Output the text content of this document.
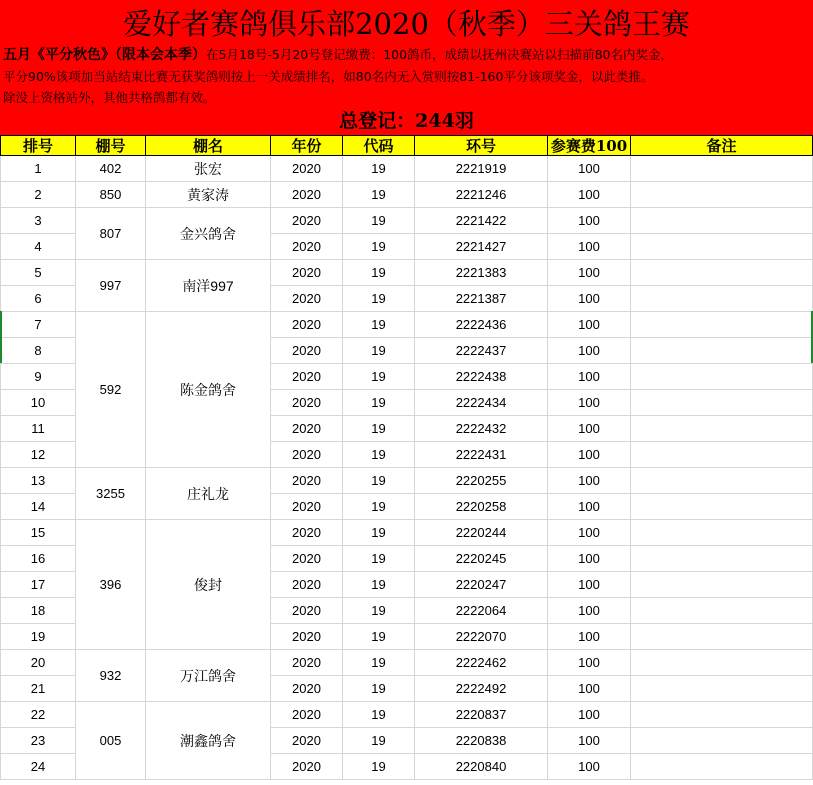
爱好者赛鸽俱乐部2020（秋季）三关鸽王赛
五月《平分秋色》（限本会本季）在5月18号-5月20号登记缴费：100鸽币，成绩以抚州决赛站以扫描前80名内奖金，
平分90%该项加当站结束比赛无获奖鸽则按上一关成绩排名，如80名内无入赏则按81-160平分该项奖金，以此类推。
除没上资格站外，其他共格鸽都有效。
总登记：244羽
排号	棚号	棚名	年份	代码	环号	参赛费100	备注
1	402	张宏	2020	19	2221919	100	
2	850	黄家涛	2020	19	2221246	100	
3	807	金兴鸽舍	2020	19	2221422	100	
4			2020	19	2221427	100	
5	997	南洋997	2020	19	2221383	100	
6			2020	19	2221387	100	
7	592	陈金鸽舍	2020	19	2222436	100	
8			2020	19	2222437	100	
9			2020	19	2222438	100	
10			2020	19	2222434	100	
11			2020	19	2222432	100	
12			2020	19	2222431	100	
13	3255	庄礼龙	2020	19	2220255	100	
14			2020	19	2220258	100	
15	396	俊封	2020	19	2220244	100	
16			2020	19	2220245	100	
17			2020	19	2220247	100	
18			2020	19	2222064	100	
19			2020	19	2222070	100	
20	932	万江鸽舍	2020	19	2222462	100	
21			2020	19	2222492	100	
22	005	潮鑫鸽舍	2020	19	2220837	100	
23			2020	19	2220838	100	
24			2020	19	2220840	100	
